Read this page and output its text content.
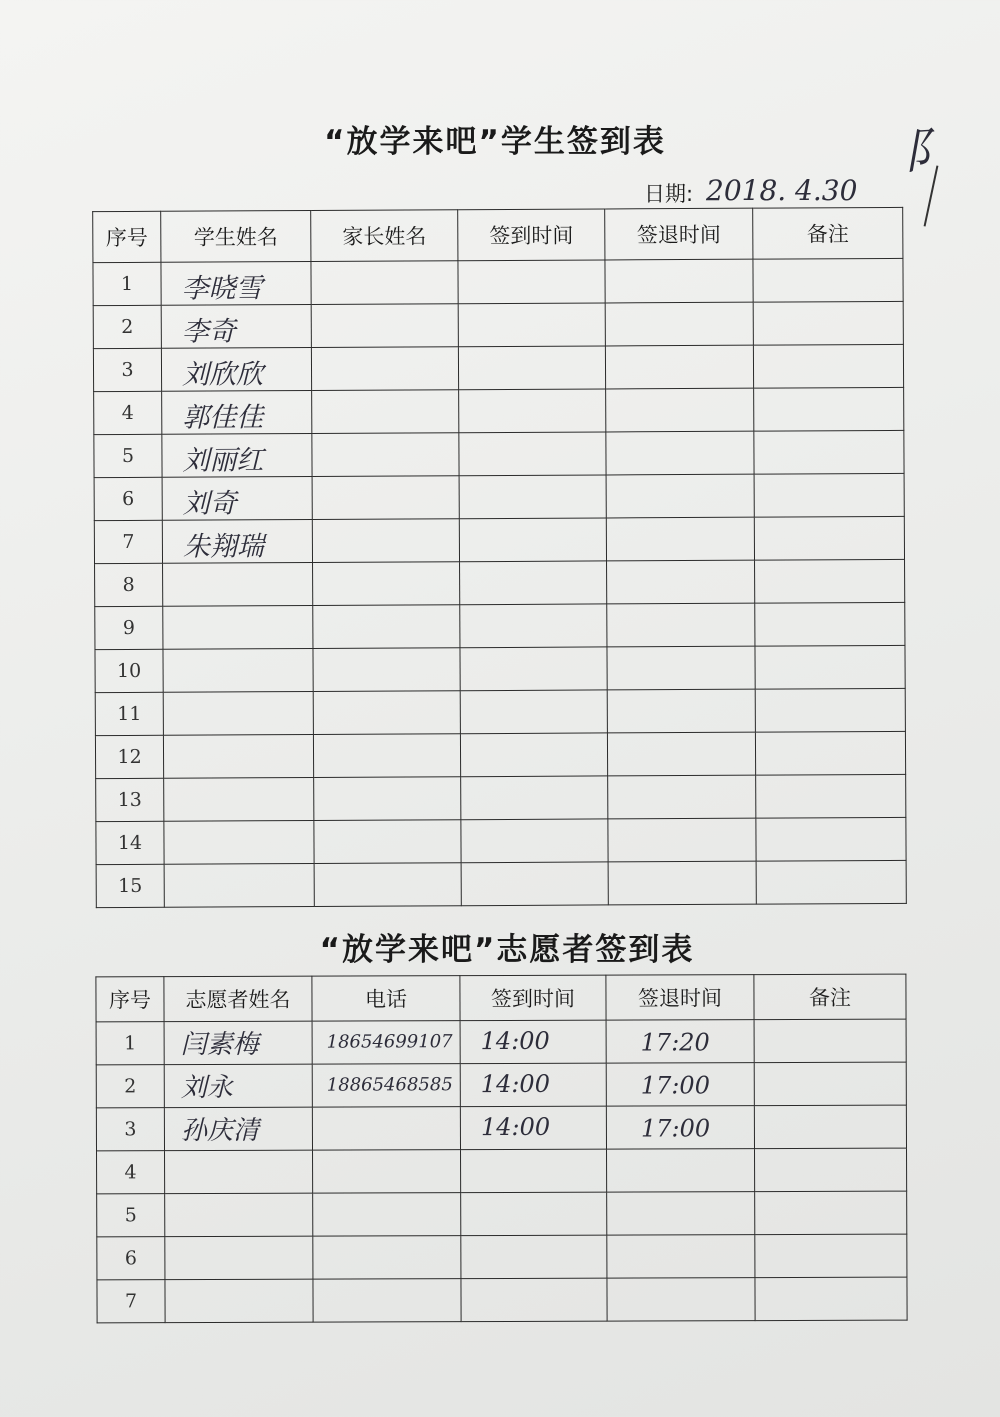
“放学来吧”学生签到表	阝
日期: 2018. 4.30
序号	学生姓名	家长姓名	签到时间	签退时间	备注
1	李晓雪				

2	李奇				

3	刘欣欣				

4	郭佳佳				

5	刘丽红				

6	刘奇				

7	朱翔瑞				

8					
9					
10					
11					
12					
13					
14					
15					
“放学来吧”志愿者签到表
序号	志愿者姓名	电话	签到时间	签退时间	备注
1	闫素梅	18654699107	14:00	17:20	

2	刘永	18865468585	14:00	17:00	

3	孙庆清		14:00	17:00	

4					
5					
6					
7					
